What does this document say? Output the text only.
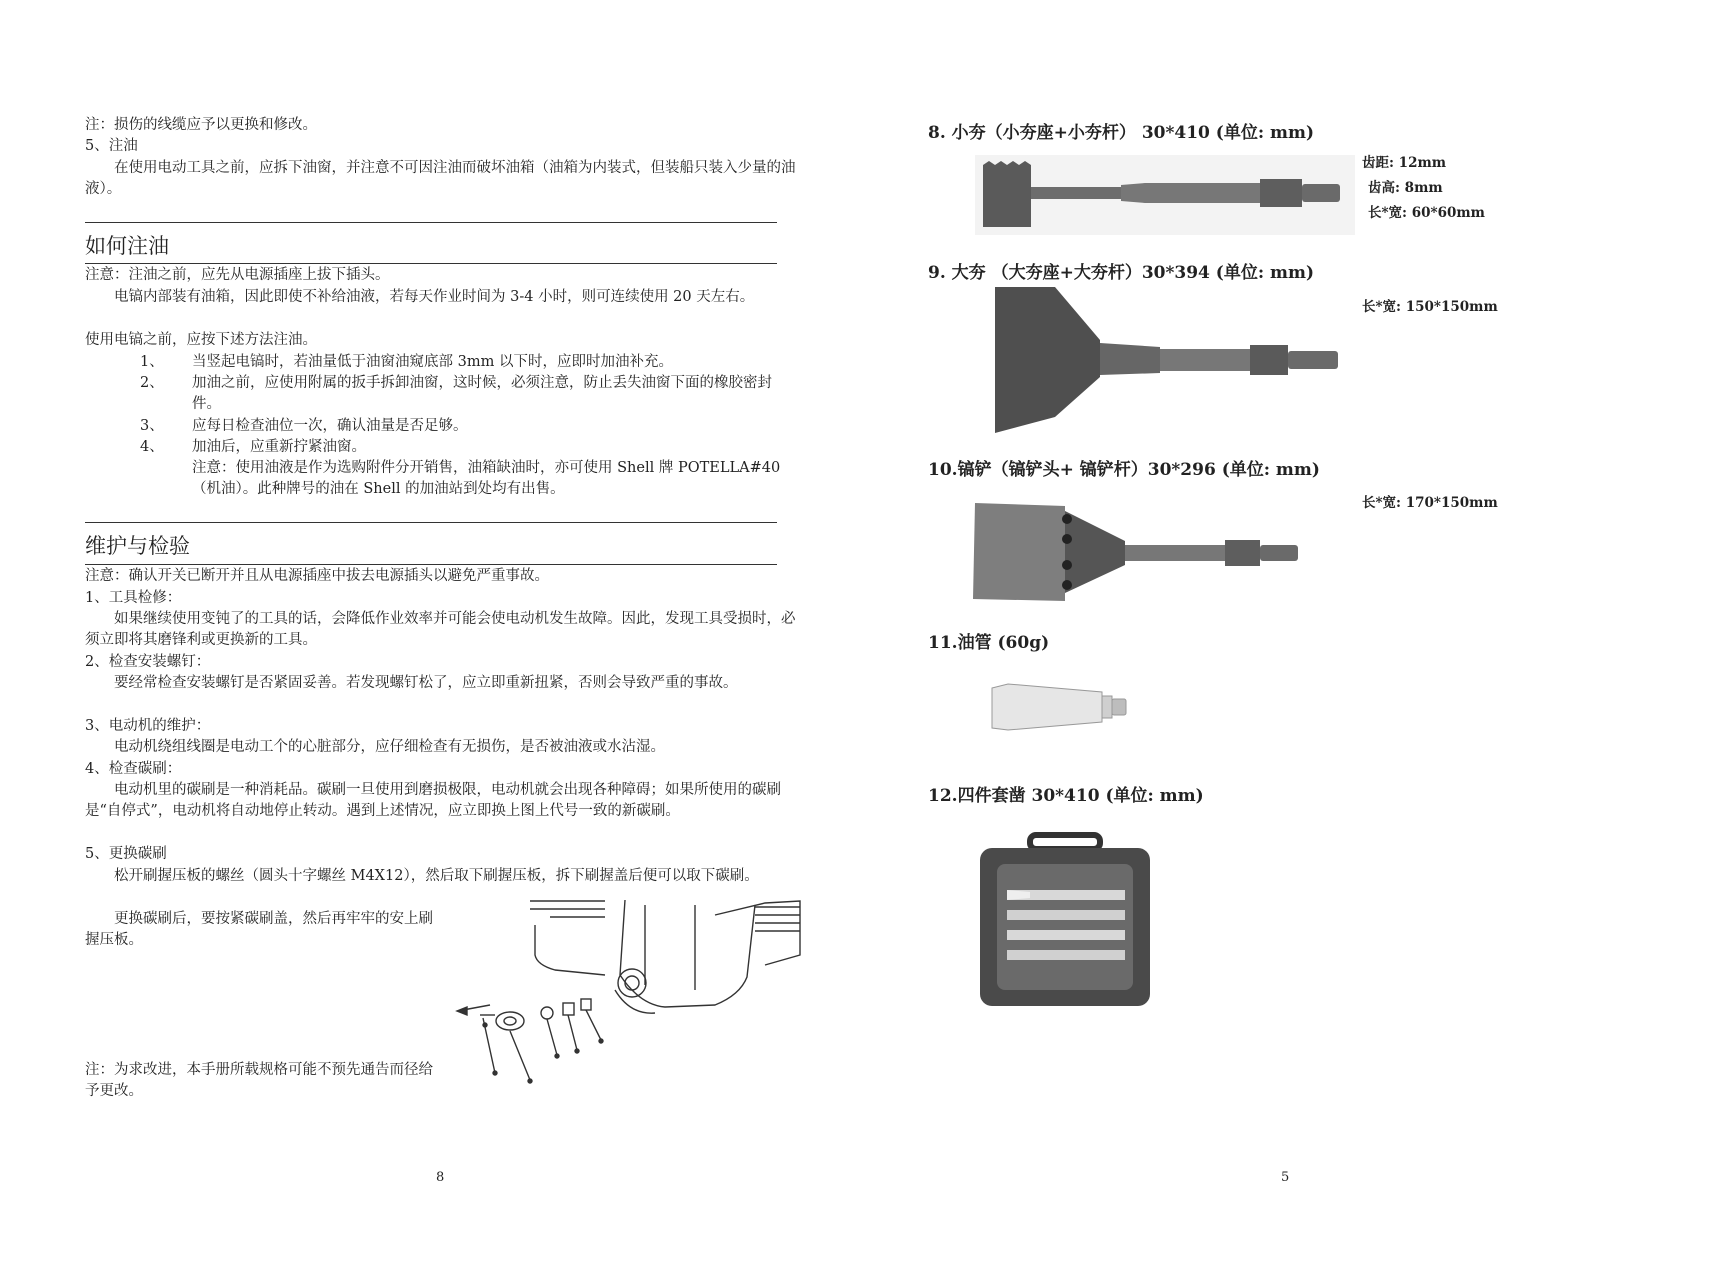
注：损伤的线缆应予以更换和修改。
5、注油
在使用电动工具之前，应拆下油窗，并注意不可因注油而破坏油箱（油箱为内装式，但装船只装入少量的油液）。
如何注油
注意：注油之前，应先从电源插座上拔下插头。
电镐内部装有油箱，因此即使不补给油液，若每天作业时间为 3-4 小时，则可连续使用 20 天左右。
使用电镐之前，应按下述方法注油。
1、 当竖起电镐时，若油量低于油窗油窥底部 3mm 以下时，应即时加油补充。
2、 加油之前，应使用附属的扳手拆卸油窗，这时候，必须注意，防止丢失油窗下面的橡胶密封件。
3、 应每日检查油位一次，确认油量是否足够。
4、 加油后，应重新拧紧油窗。
注意：使用油液是作为选购附件分开销售，油箱缺油时，亦可使用 Shell 牌 POTELLA#40（机油）。此种牌号的油在 Shell 的加油站到处均有出售。
维护与检验
注意：确认开关已断开并且从电源插座中拔去电源插头以避免严重事故。
1、工具检修：
如果继续使用变钝了的工具的话，会降低作业效率并可能会使电动机发生故障。因此，发现工具受损时，必须立即将其磨锋利或更换新的工具。
2、检查安装螺钉：
要经常检查安装螺钉是否紧固妥善。若发现螺钉松了，应立即重新扭紧，否则会导致严重的事故。
3、电动机的维护：
电动机绕组线圈是电动工个的心脏部分，应仔细检查有无损伤，是否被油液或水沾湿。
4、检查碳刷：
电动机里的碳刷是一种消耗品。碳刷一旦使用到磨损极限，电动机就会出现各种障碍；如果所使用的碳刷是“自停式”，电动机将自动地停止转动。遇到上述情况，应立即换上图上代号一致的新碳刷。
5、更换碳刷
松开刷握压板的螺丝（圆头十字螺丝 M4X12），然后取下刷握压板，拆下刷握盖后便可以取下碳刷。
更换碳刷后，要按紧碳刷盖，然后再牢牢的安上刷握压板。
注：为求改进，本手册所载规格可能不预先通告而径给予更改。
8
8. 小夯（小夯座+小夯杆） 30*410 (单位: mm)
齿距: 12mm
齿高: 8mm
长*宽: 60*60mm
9. 大夯 （大夯座+大夯杆）30*394 (单位: mm)
长*宽: 150*150mm
10.镐铲（镐铲头+ 镐铲杆）30*296 (单位: mm)
长*宽: 170*150mm
11.油管 (60g)
12.四件套凿 30*410 (单位: mm)
5
